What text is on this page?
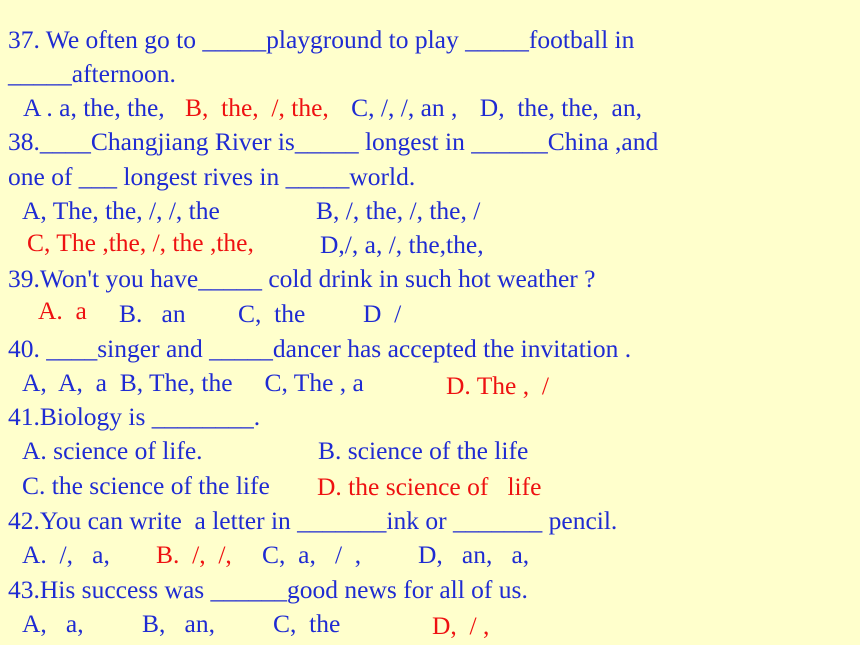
37. We often go to _____playground to play _____football in
_____afternoon.
A . a, the, the, B,  the,  /, the, C, /, /, an , D,  the, the,  an,
38.____Changjiang River is_____ longest in ______China ,and
one of ___ longest rives in _____world.
A, The, the, /, /, the	B, /, the, /, the, /
C, The ,the, /, the ,the,	D,/, a, /, the,the,
39.Won't you have_____ cold drink in such hot weather ?
A.  a B.   an C,  the D  /
40. ____singer and _____dancer has accepted the invitation .
A,  A,  a  B, The, the     C, The , a	D. The ,  /
41.Biology is ________.
A. science of life.	B. science of the life
C. the science of the life D. the science of   life
42.You can write  a letter in _______ink or _______ pencil.
A.  /,   a, B.  /,  /, C,  a,   /  , D,   an,   a,
43.His success was ______good news for all of us.
A,   a, B,   an, C,  the	D,  / ,
